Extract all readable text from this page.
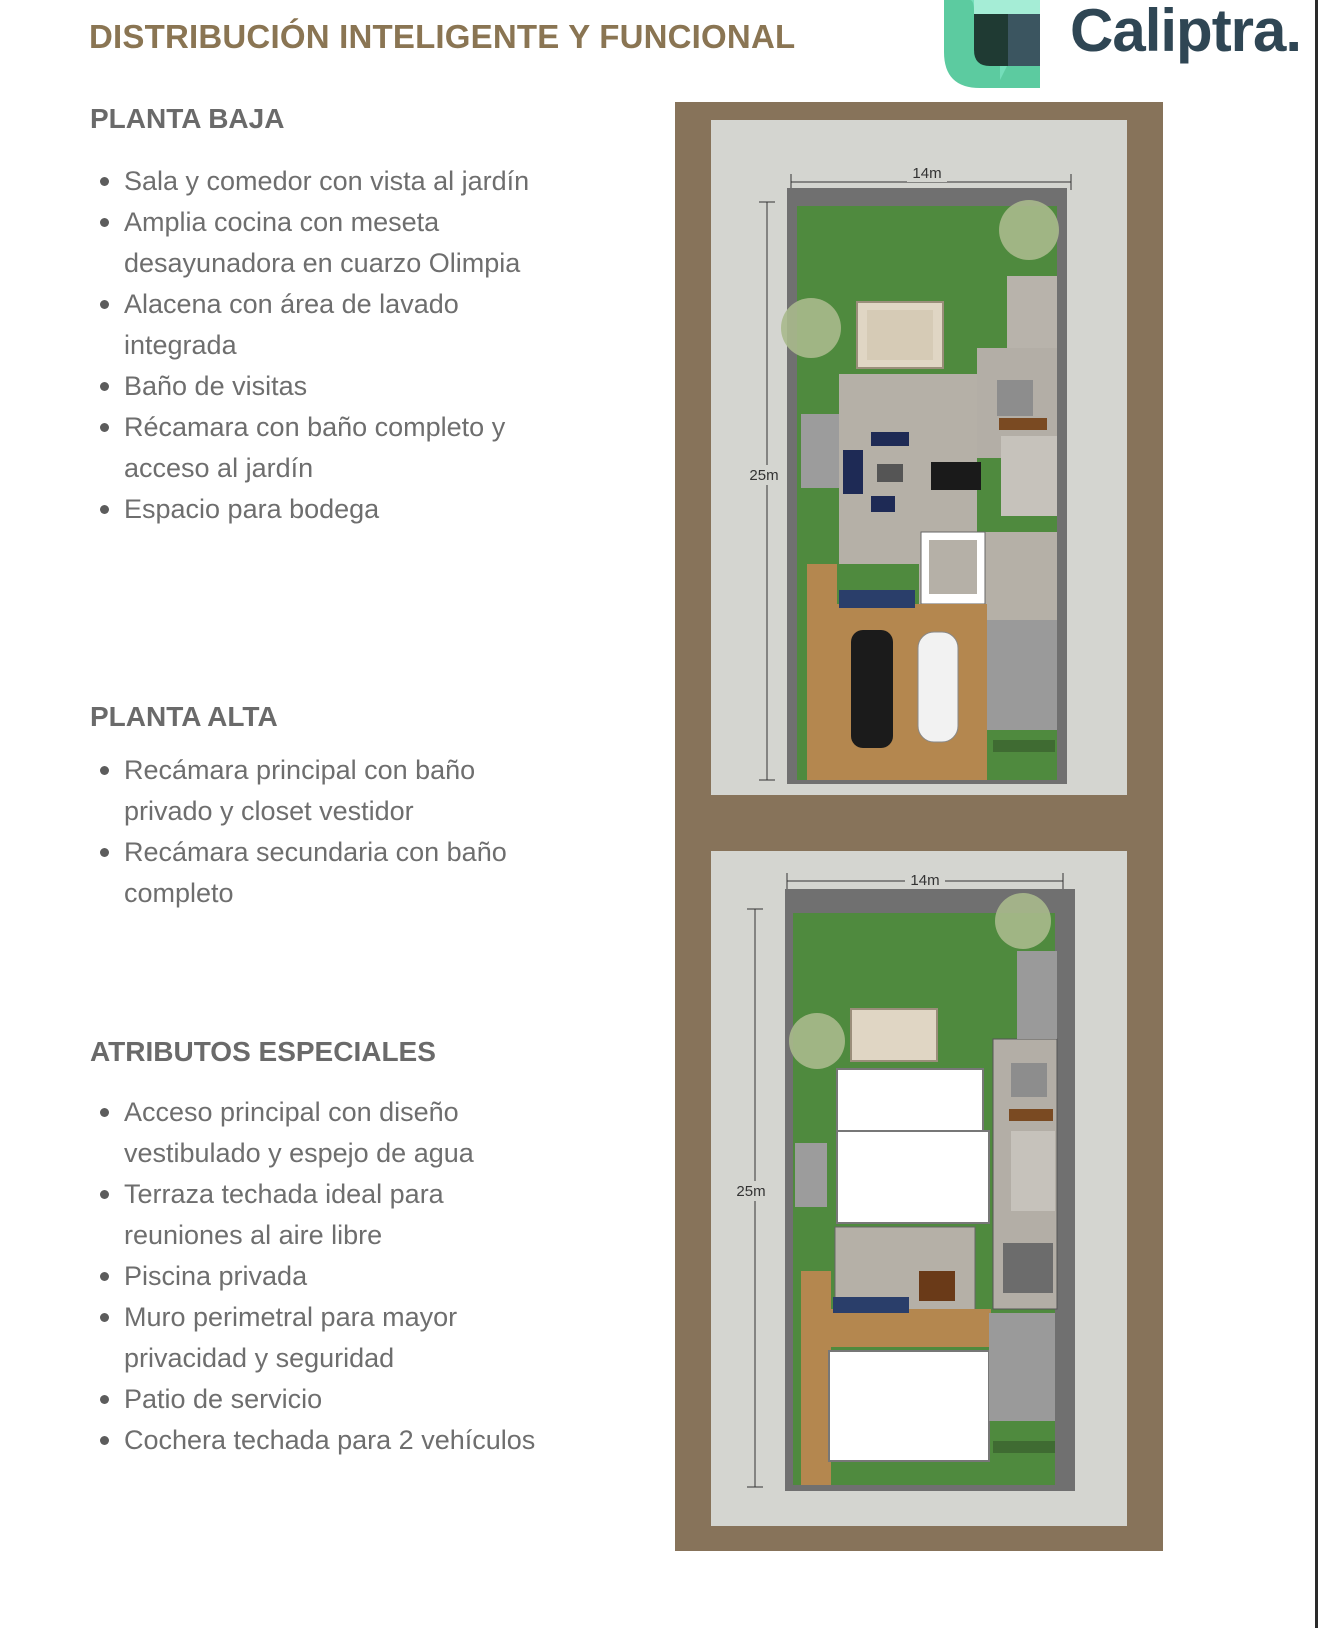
DISTRIBUCIÓN INTELIGENTE Y FUNCIONAL	Caliptra.
PLANTA BAJA
Sala y comedor con vista al jardín
Amplia cocina con meseta desayunadora en cuarzo Olimpia
Alacena con área de lavado integrada
Baño de visitas
Récamara con baño completo y acceso al jardín
Espacio para bodega
PLANTA ALTA
Recámara principal con baño privado y closet vestidor
Recámara secundaria con baño completo
ATRIBUTOS ESPECIALES
Acceso principal con diseño vestibulado y espejo de agua
Terraza techada ideal para reuniones al aire libre
Piscina privada
Muro perimetral para mayor privacidad y seguridad
Patio de servicio
Cochera techada para 2 vehículos
14m
25m
14m
25m
